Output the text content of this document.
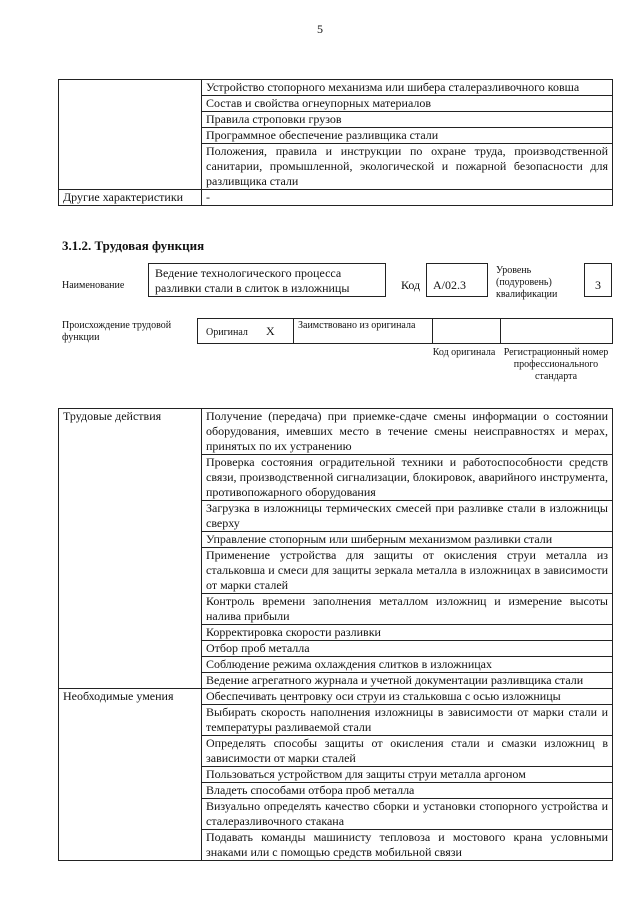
5
	Устройство стопорного механизма или шибера сталеразливочного ковша
	Состав и свойства огнеупорных материалов
	Правила строповки грузов
	Программное обеспечение разливщика стали
	Положения, правила и инструкции по охране труда, производственной санитарии, промышленной, экологической и пожарной безопасности для разливщика стали
Другие характеристики	-
3.1.2. Трудовая функция
Наименование
Ведение технологического процесса разливки стали в слиток в изложницы	Код	A/02.3
Уровень (подуровень) квалификации
3
Происхождение трудовой функции	Оригинал X Заимствовано из оригинала
Код оригинала Регистрационный номер профессионального стандарта
Трудовые действия	Получение (передача) при приемке-сдаче смены информации о состоянии оборудования, имевших место в течение смены неисправностях и мерах, принятых по их устранению
	Проверка состояния оградительной техники и работоспособности средств связи, производственной сигнализации, блокировок, аварийного инструмента, противопожарного оборудования
	Загрузка в изложницы термических смесей при разливке стали в изложницы сверху
	Управление стопорным или шиберным механизмом разливки стали
	Применение устройства для защиты от окисления струи металла из стальковша и смеси для защиты зеркала металла в изложницах в зависимости от марки сталей
	Контроль времени заполнения металлом изложниц и измерение высоты налива прибыли
	Корректировка скорости разливки
	Отбор проб металла
	Соблюдение режима охлаждения слитков в изложницах
	Ведение агрегатного журнала и учетной документации разливщика стали
Необходимые умения	Обеспечивать центровку оси струи из стальковша с осью изложницы
	Выбирать скорость наполнения изложницы в зависимости от марки стали и температуры разливаемой стали
	Определять способы защиты от окисления стали и смазки изложниц в зависимости от марки сталей
	Пользоваться устройством для защиты струи металла аргоном
	Владеть способами отбора проб металла
	Визуально определять качество сборки и установки стопорного устройства и сталеразливочного стакана
	Подавать команды машинисту тепловоза и мостового крана условными знаками или с помощью средств мобильной связи
